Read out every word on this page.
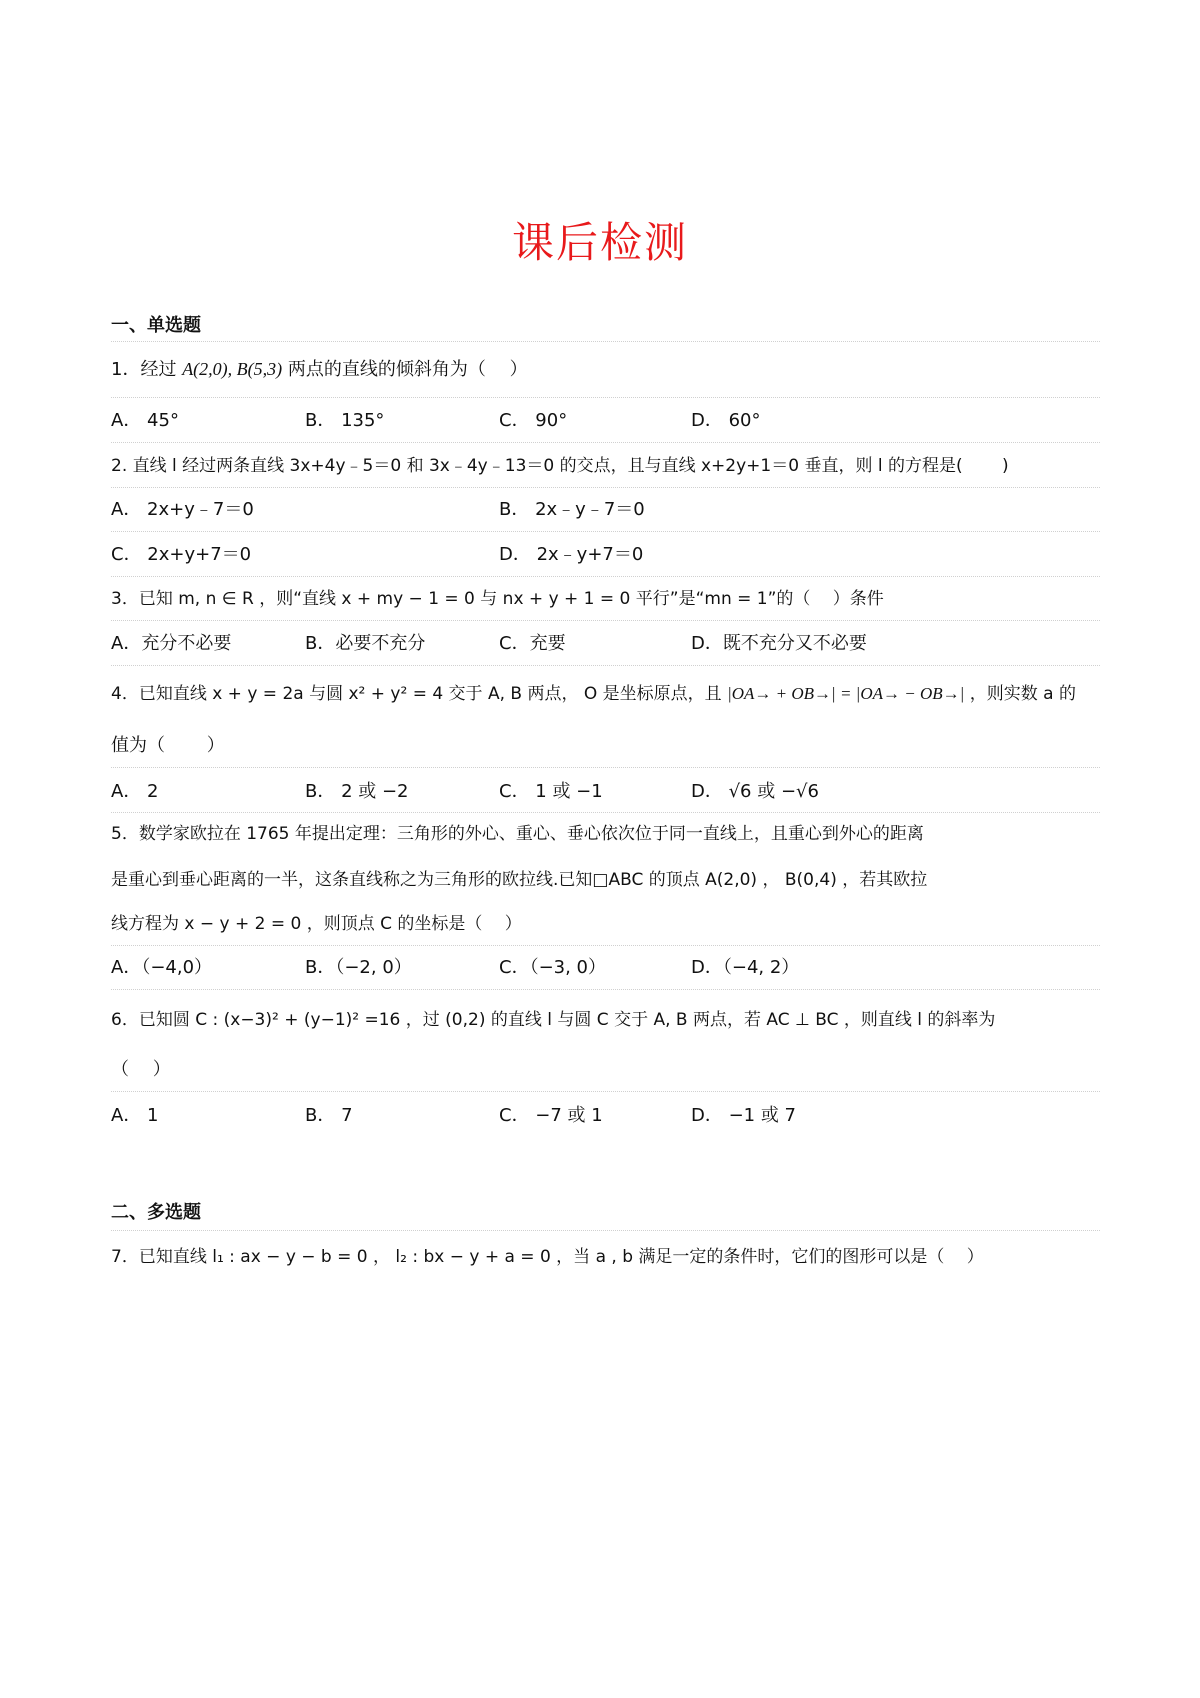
课后检测
一、单选题
1．经过 A(2,0), B(5,3) 两点的直线的倾斜角为（　 ）
A． 45°	B． 135°	C． 90°	D． 60°
2. 直线 l 经过两条直线 3x+4y﹣5＝0 和 3x﹣4y﹣13＝0 的交点，且与直线 x+2y+1＝0 垂直，则 l 的方程是(　　 )
A． 2x+y﹣7＝0	B． 2x﹣y﹣7＝0
C． 2x+y+7＝0	D． 2x﹣y+7＝0
3．已知 m, n ∈ R ，则“直线 x + my − 1 = 0 与 nx + y + 1 = 0 平行”是“mn = 1”的（　 ）条件
A．充分不必要	B．必要不充分	C．充要	D．既不充分又不必要
4．已知直线 x + y = 2a 与圆 x² + y² = 4 交于 A, B 两点， O 是坐标原点，且 |OA→ + OB→| = |OA→ − OB→| ，则实数 a 的
值为（　　 ）
A． 2	B． 2 或 −2	C． 1 或 −1	D． √6 或 −√6
5．数学家欧拉在 1765 年提出定理：三角形的外心、重心、垂心依次位于同一直线上，且重心到外心的距离
是重心到垂心距离的一半，这条直线称之为三角形的欧拉线.已知□ABC 的顶点 A(2,0) ， B(0,4) ，若其欧拉
线方程为 x − y + 2 = 0 ，则顶点 C 的坐标是（　 ）
A．（−4,0）	B．（−2, 0）	C．（−3, 0）	D．（−4, 2）
6．已知圆 C : (x−3)² + (y−1)² =16 ，过 (0,2) 的直线 l 与圆 C 交于 A, B 两点，若 AC ⊥ BC ，则直线 l 的斜率为
（　 ）
A． 1	B． 7	C． −7 或 1	D． −1 或 7
二、多选题
7．已知直线 l₁ : ax − y − b = 0 ， l₂ : bx − y + a = 0 ，当 a , b 满足一定的条件时，它们的图形可以是（　 ）
